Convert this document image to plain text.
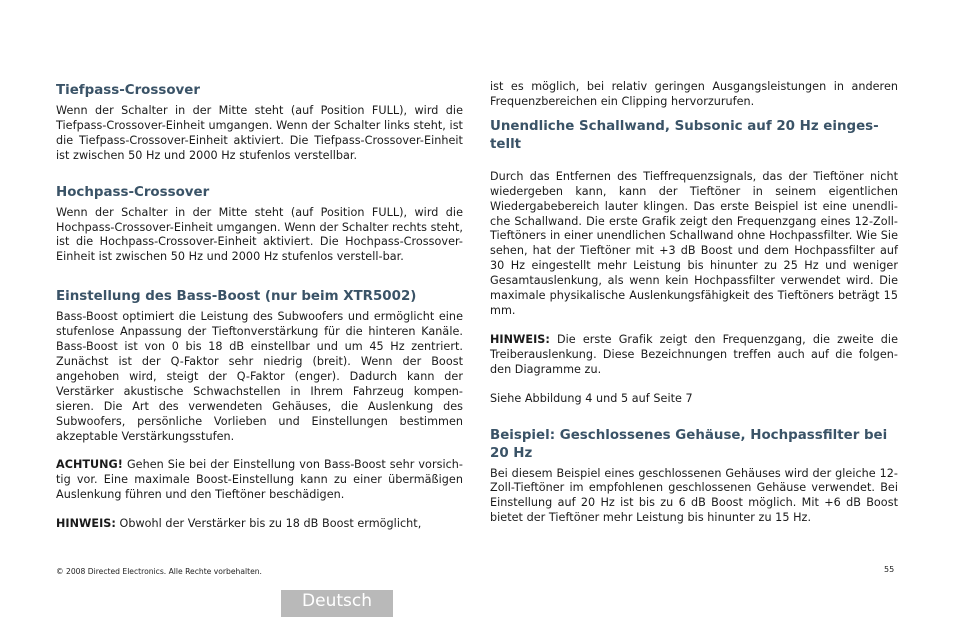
Tiefpass-Crossover

Wenn der Schalter in der Mitte steht (auf Position FULL), wird die Tiefpass-Crossover-Einheit umgangen. Wenn der Schalter links steht, ist die Tiefpass-Crossover-Einheit aktiviert. Die Tiefpass-Crossover-Einheit ist zwischen 50 Hz und 2000 Hz stufenlos verstellbar.

Hochpass-Crossover

Wenn der Schalter in der Mitte steht (auf Position FULL), wird die Hochpass-Crossover-Einheit umgangen. Wenn der Schalter rechts steht, ist die Hochpass-Crossover-Einheit aktiviert. Die Hochpass-Crossover-Einheit ist zwischen 50 Hz und 2000 Hz stufenlos verstell-bar.

Einstellung des Bass-Boost (nur beim XTR5002)

Bass-Boost optimiert die Leistung des Subwoofers und ermöglicht eine stufenlose Anpassung der Tieftonverstärkung für die hinteren Kanäle. Bass-Boost ist von 0 bis 18 dB einstellbar und um 45 Hz zentriert. Zunächst ist der Q-Faktor sehr niedrig (breit). Wenn der Boost angehoben wird, steigt der Q-Faktor (enger). Dadurch kann der Verstärker akustische Schwachstellen in Ihrem Fahrzeug kompen-sieren. Die Art des verwendeten Gehäuses, die Auslenkung des Subwoofers, persönliche Vorlieben und Einstellungen bestimmen akzeptable Verstärkungsstufen.

ACHTUNG! Gehen Sie bei der Einstellung von Bass-Boost sehr vorsich-tig vor. Eine maximale Boost-Einstellung kann zu einer übermäßigen Auslenkung führen und den Tieftöner beschädigen.

HINWEIS: Obwohl der Verstärker bis zu 18 dB Boost ermöglicht,

ist es möglich, bei relativ geringen Ausgangsleistungen in anderen Frequenzbereichen ein Clipping hervorzurufen.

Unendliche Schallwand, Subsonic auf 20 Hz einges-tellt

Durch das Entfernen des Tieffrequenzsignals, das der Tieftöner nicht wiedergeben kann, kann der Tieftöner in seinem eigentlichen Wiedergabebereich lauter klingen. Das erste Beispiel ist eine unendli-che Schallwand. Die erste Grafik zeigt den Frequenzgang eines 12-Zoll-Tieftöners in einer unendlichen Schallwand ohne Hochpassfilter. Wie Sie sehen, hat der Tieftöner mit +3 dB Boost und dem Hochpassfilter auf 30 Hz eingestellt mehr Leistung bis hinunter zu 25 Hz und weniger Gesamtauslenkung, als wenn kein Hochpassfilter verwendet wird. Die maximale physikalische Auslenkungsfähigkeit des Tieftöners beträgt 15 mm.

HINWEIS: Die erste Grafik zeigt den Frequenzgang, die zweite die Treiberauslenkung. Diese Bezeichnungen treffen auch auf die folgen-den Diagramme zu.

Siehe Abbildung 4 und 5 auf Seite 7

Beispiel: Geschlossenes Gehäuse, Hochpassfilter bei 20 Hz

Bei diesem Beispiel eines geschlossenen Gehäuses wird der gleiche 12-Zoll-Tieftöner im empfohlenen geschlossenen Gehäuse verwendet. Bei Einstellung auf 20 Hz ist bis zu 6 dB Boost möglich. Mit +6 dB Boost bietet der Tieftöner mehr Leistung bis hinunter zu 15 Hz.

© 2008 Directed Electronics. Alle Rechte vorbehalten.	55
Deutsch
